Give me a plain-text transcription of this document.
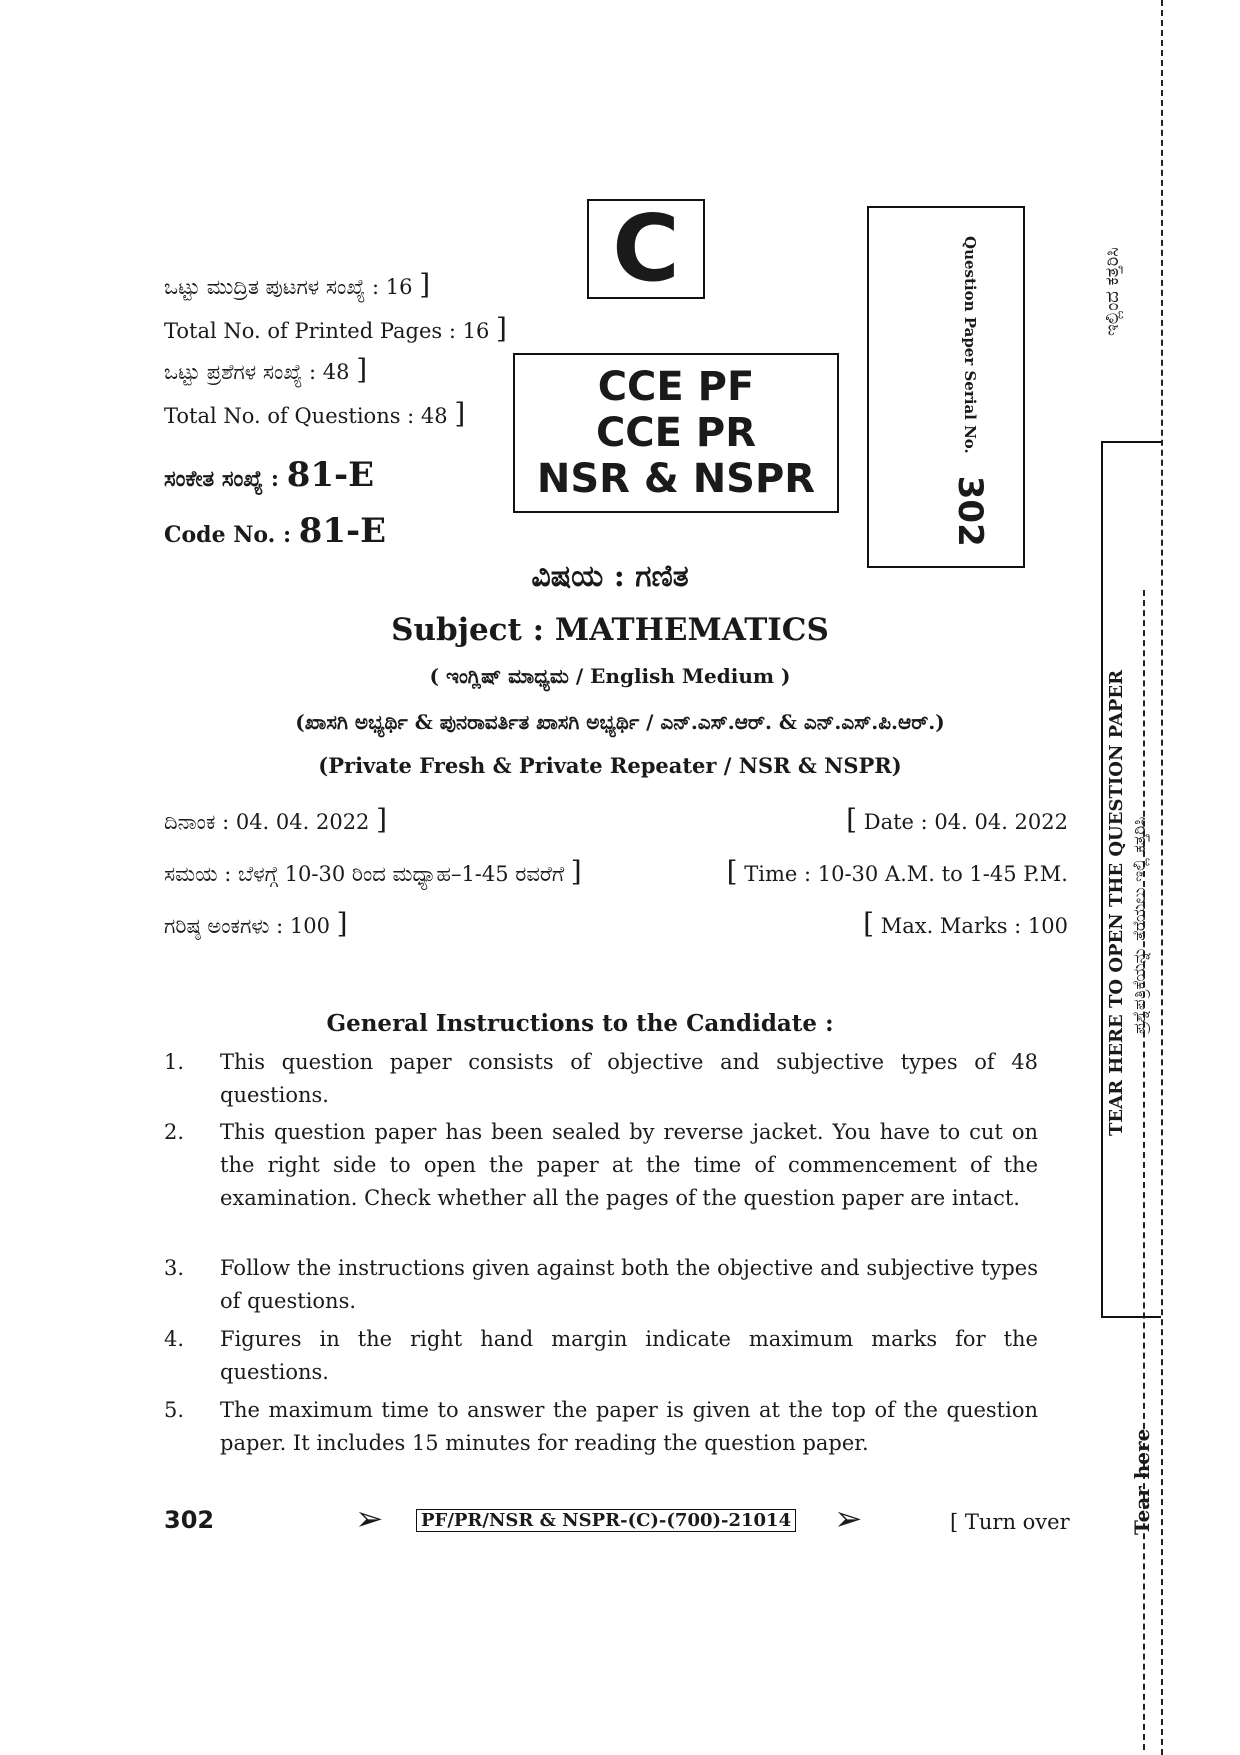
ಒಟ್ಟು ಮುದ್ರಿತ ಪುಟಗಳ ಸಂಖ್ಯೆ : 16 ]
Total No. of Printed Pages : 16 ]
ಒಟ್ಟು ಪ್ರಶೆಗಳ ಸಂಖ್ಯೆ : 48 ]
Total No. of Questions : 48 ]
ಸಂಕೇತ ಸಂಖ್ಯೆ : 81-E
Code No. : 81-E
C
CCE PF
CCE PR
NSR & NSPR
Question Paper Serial No.
302
ವಿಷಯ : ಗಣಿತ
Subject : MATHEMATICS
( ಇಂಗ್ಲಿಷ್ ಮಾಧ್ಯಮ / English Medium )
(ಖಾಸಗಿ ಅಭ್ಯರ್ಥಿ & ಪುನರಾವರ್ತಿತ ಖಾಸಗಿ ಅಭ್ಯರ್ಥಿ / ಎನ್.ಎಸ್.ಆರ್. & ಎನ್.ಎಸ್.ಪಿ.ಆರ್.)
(Private Fresh & Private Repeater / NSR & NSPR)
ದಿನಾಂಕ : 04. 04. 2022 ]	[ Date : 04. 04. 2022
ಸಮಯ : ಬೆಳಗ್ಗೆ 10-30 ರಿಂದ ಮಧ್ಯಾಹ–1-45 ರವರೆಗೆ ]	[ Time : 10-30 A.M. to 1-45 P.M.
ಗರಿಷ್ಠ ಅಂಕಗಳು : 100 ]	[ Max. Marks : 100
General Instructions to the Candidate :
1.	This question paper consists of objective and subjective types of 48 questions.
2.	This question paper has been sealed by reverse jacket. You have to cut on the right side to open the paper at the time of commencement of the examination. Check whether all the pages of the question paper are intact.
3.	Follow the instructions given against both the objective and subjective types of questions.
4.	Figures in the right hand margin indicate maximum marks for the questions.
5.	The maximum time to answer the paper is given at the top of the question paper. It includes 15 minutes for reading the question paper.
302	➢ PF/PR/NSR & NSPR-(C)-(700)-21014 ➢	[ Turn over
ಇಲ್ಲಿಂದ ಕತ್ತರಿಸಿ
TEAR HERE TO OPEN THE QUESTION PAPER ಪ್ರಶ್ನೆಪತ್ರಿಕೆಯನ್ನು ತೆರೆಯಲು ಇಲ್ಲಿ ಕತ್ತರಿಸಿ
Tear here
